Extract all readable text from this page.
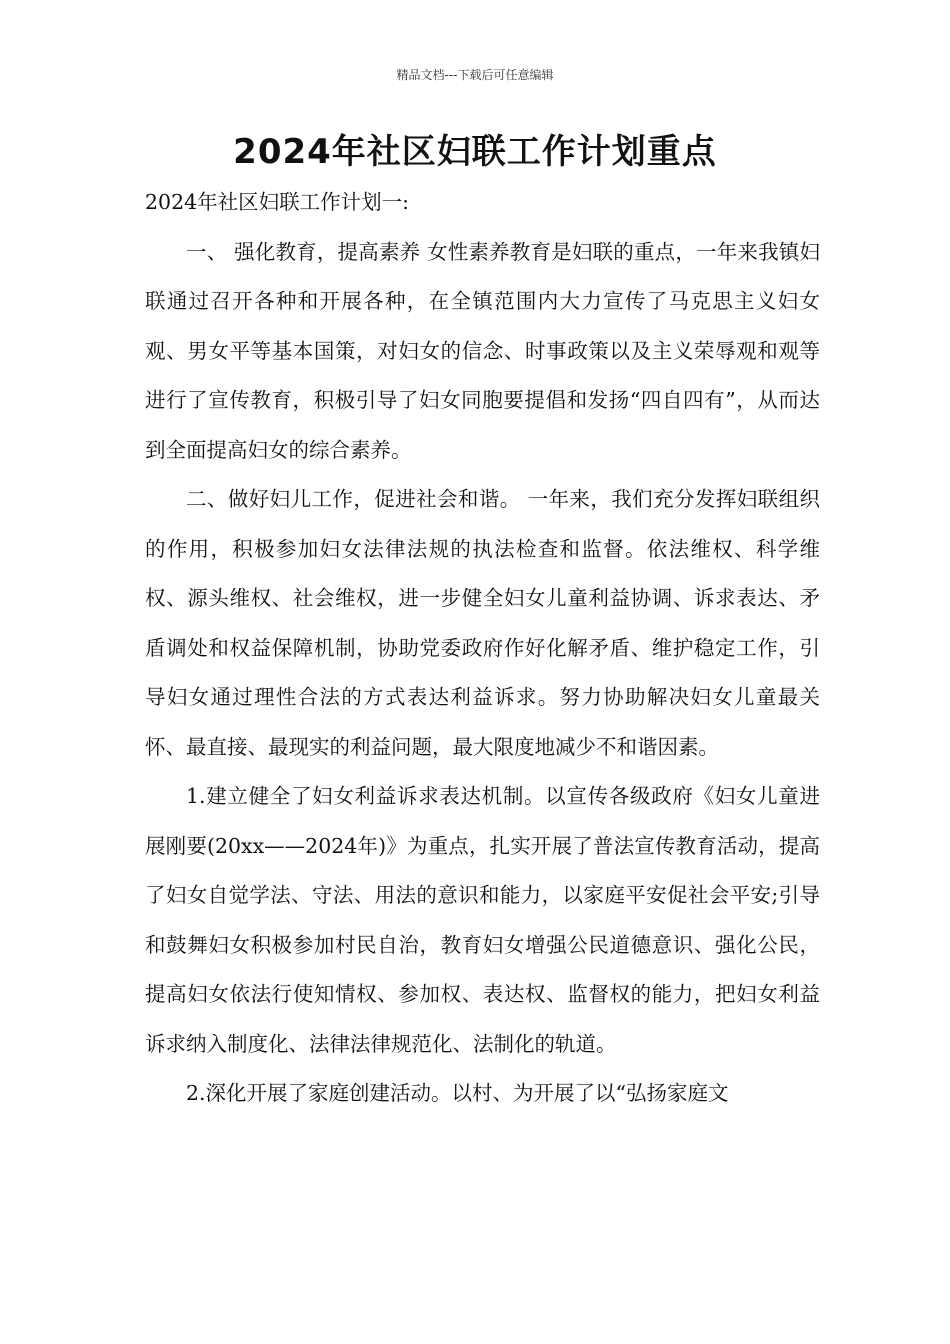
精品文档---下载后可任意编辑
2024年社区妇联工作计划重点

2024年社区妇联工作计划一:

一、 强化教育，提高素养 女性素养教育是妇联的重点，一年来我镇妇联通过召开各种和开展各种，在全镇范围内大力宣传了马克思主义妇女观、男女平等基本国策，对妇女的信念、时事政策以及主义荣辱观和观等进行了宣传教育，积极引导了妇女同胞要提倡和发扬“四自四有”，从而达到全面提高妇女的综合素养。

二、做好妇儿工作，促进社会和谐。 一年来，我们充分发挥妇联组织的作用，积极参加妇女法律法规的执法检查和监督。依法维权、科学维权、源头维权、社会维权，进一步健全妇女儿童利益协调、诉求表达、矛盾调处和权益保障机制，协助党委政府作好化解矛盾、维护稳定工作，引导妇女通过理性合法的方式表达利益诉求。努力协助解决妇女儿童最关怀、最直接、最现实的利益问题，最大限度地减少不和谐因素。

1.建立健全了妇女利益诉求表达机制。以宣传各级政府《妇女儿童进展刚要(20xx——2024年)》为重点，扎实开展了普法宣传教育活动，提高了妇女自觉学法、守法、用法的意识和能力，以家庭平安促社会平安;引导和鼓舞妇女积极参加村民自治，教育妇女增强公民道德意识、强化公民，提高妇女依法行使知情权、参加权、表达权、监督权的能力，把妇女利益诉求纳入制度化、法律法律规范化、法制化的轨道。

2.深化开展了家庭创建活动。以村、为开展了以“弘扬家庭文
